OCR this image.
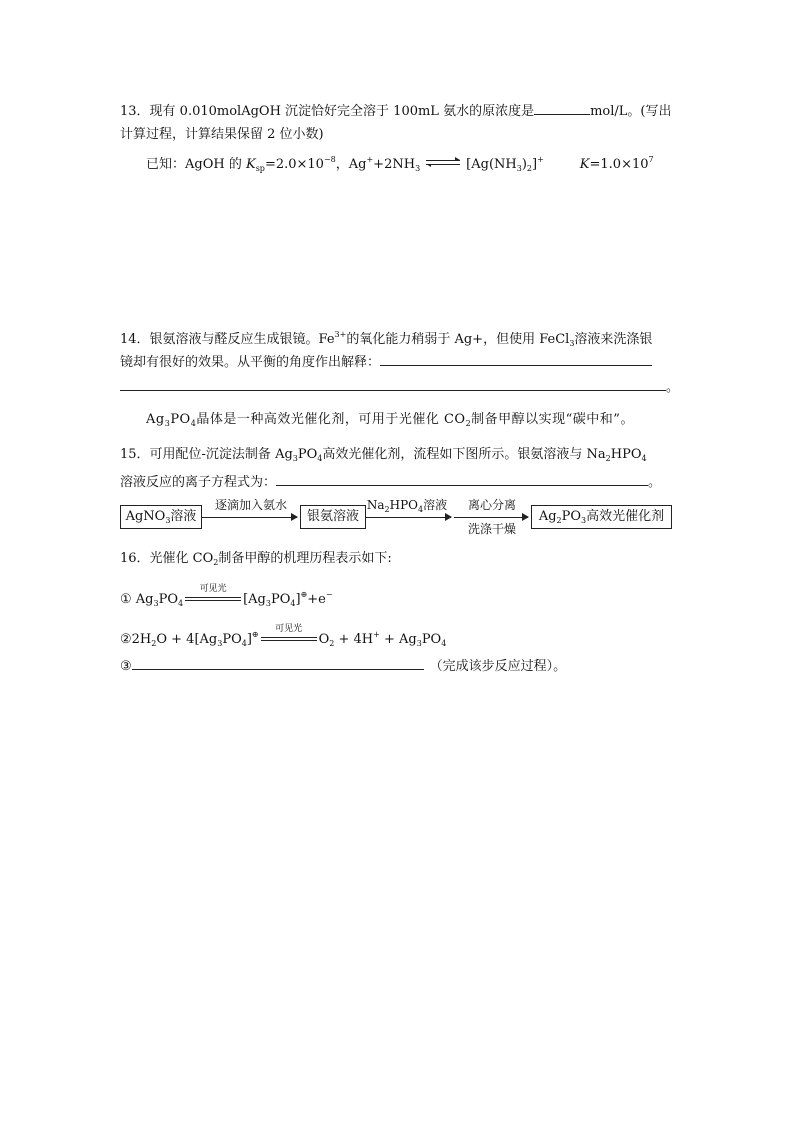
13．现有 0.010molAgOH 沉淀恰好完全溶于 100mL 氨水的原浓度是	mol/L。(写出
计算过程，计算结果保留 2 位小数)
已知：AgOH 的 $K_{sp}=2.0\times 10^{-8}$，$Ag^++2NH_3$	$[Ag(NH_3)_2]^+$	$K=1.0\times 10^7$
14．银氨溶液与醛反应生成银镜。$Fe^{3+}$的氧化能力稍弱于 Ag+，但使用 FeCl$_3$溶液来洗涤银
镜却有很好的效果。从平衡的角度作出解释：
。
$Ag_3PO_4$晶体是一种高效光催化剂，可用于光催化 $CO_2$制备甲醇以实现“碳中和”。
15．可用配位-沉淀法制备 $Ag_3PO_4$高效光催化剂，流程如下图所示。银氨溶液与 $Na_2HPO_4$
溶液反应的离子方程式为：	。
AgNO$_3$溶液
逐滴加入氨水
银氨溶液
$Na_2HPO_4$溶液	离心分离
洗涤干燥
$Ag_2PO_3$高效光催化剂
16．光催化 $CO_2$制备甲醇的机理历程表示如下:
① $Ag_3PO_4$
可见光
$[Ag_3PO_4]^\oplus+e^-$
$②2H_2O + 4[Ag_3PO_4]^\oplus$
可见光
$O_2 + 4H^+ + Ag_3PO_4$
③	（完成该步反应过程）。
